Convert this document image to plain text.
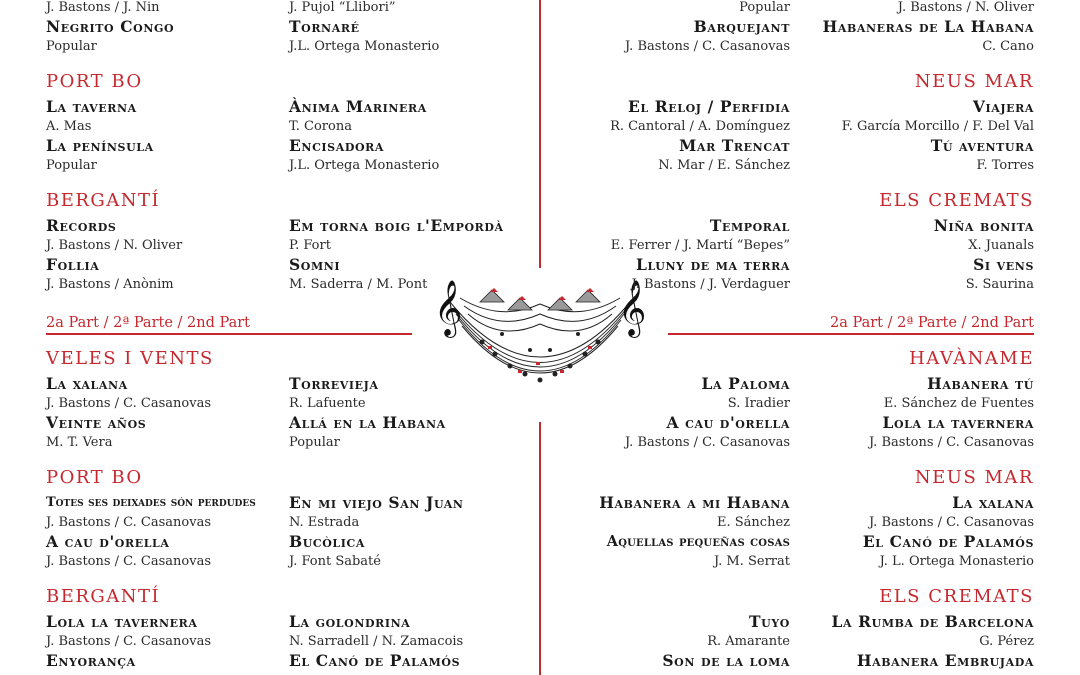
2a Part / 2ª Parte / 2nd Part	2a Part / 2ª Parte / 2nd Part
𝄞	𝄞
J. Bastons / J. Nin	J. Pujol “Llibori”
Negrito Congo
Popular
Tornaré
J.L. Ortega Monasterio
PORT BO
La taverna
A. Mas
Ànima Marinera
T. Corona
La península
Popular
Encisadora
J.L. Ortega Monasterio
BERGANTÍ
Records
J. Bastons / N. Oliver
Em torna boig l'Empordà
P. Fort
Follia
J. Bastons / Anònim
Somni
M. Saderra / M. Pont
VELES I VENTS
La xalana
J. Bastons / C. Casanovas
Torrevieja
R. Lafuente
Veinte años
M. T. Vera
Allá en la Habana
Popular
PORT BO
Totes ses deixades són perdudes
J. Bastons / C. Casanovas
En mi viejo San Juan
N. Estrada
A cau d'orella
J. Bastons / C. Casanovas
Bucòlica
J. Font Sabaté
BERGANTÍ
Lola la tavernera
J. Bastons / C. Casanovas
La golondrina
N. Sarradell / N. Zamacois
Enyorança	El Canó de Palamós
Popular	J. Bastons / N. Oliver
Barquejant
J. Bastons / C. Casanovas
Habaneras de La Habana
C. Cano
NEUS MAR
El Reloj / Perfidia
R. Cantoral / A. Domínguez
Viajera
F. García Morcillo / F. Del Val
Mar Trencat
N. Mar / E. Sánchez
Tú aventura
F. Torres
ELS CREMATS
Temporal
E. Ferrer / J. Martí “Bepes”
Niña bonita
X. Juanals
Lluny de ma terra
J. Bastons / J. Verdaguer
Si vens
S. Saurina
HAVÀNAME
La Paloma
S. Iradier
Habanera tú
E. Sánchez de Fuentes
A cau d'orella
J. Bastons / C. Casanovas
Lola la tavernera
J. Bastons / C. Casanovas
NEUS MAR
Habanera a mi Habana
E. Sánchez
La xalana
J. Bastons / C. Casanovas
Aquellas pequeñas cosas
J. M. Serrat
El Canó de Palamós
J. L. Ortega Monasterio
ELS CREMATS
Tuyo
R. Amarante
La Rumba de Barcelona
G. Pérez
Son de la loma	Habanera Embrujada
